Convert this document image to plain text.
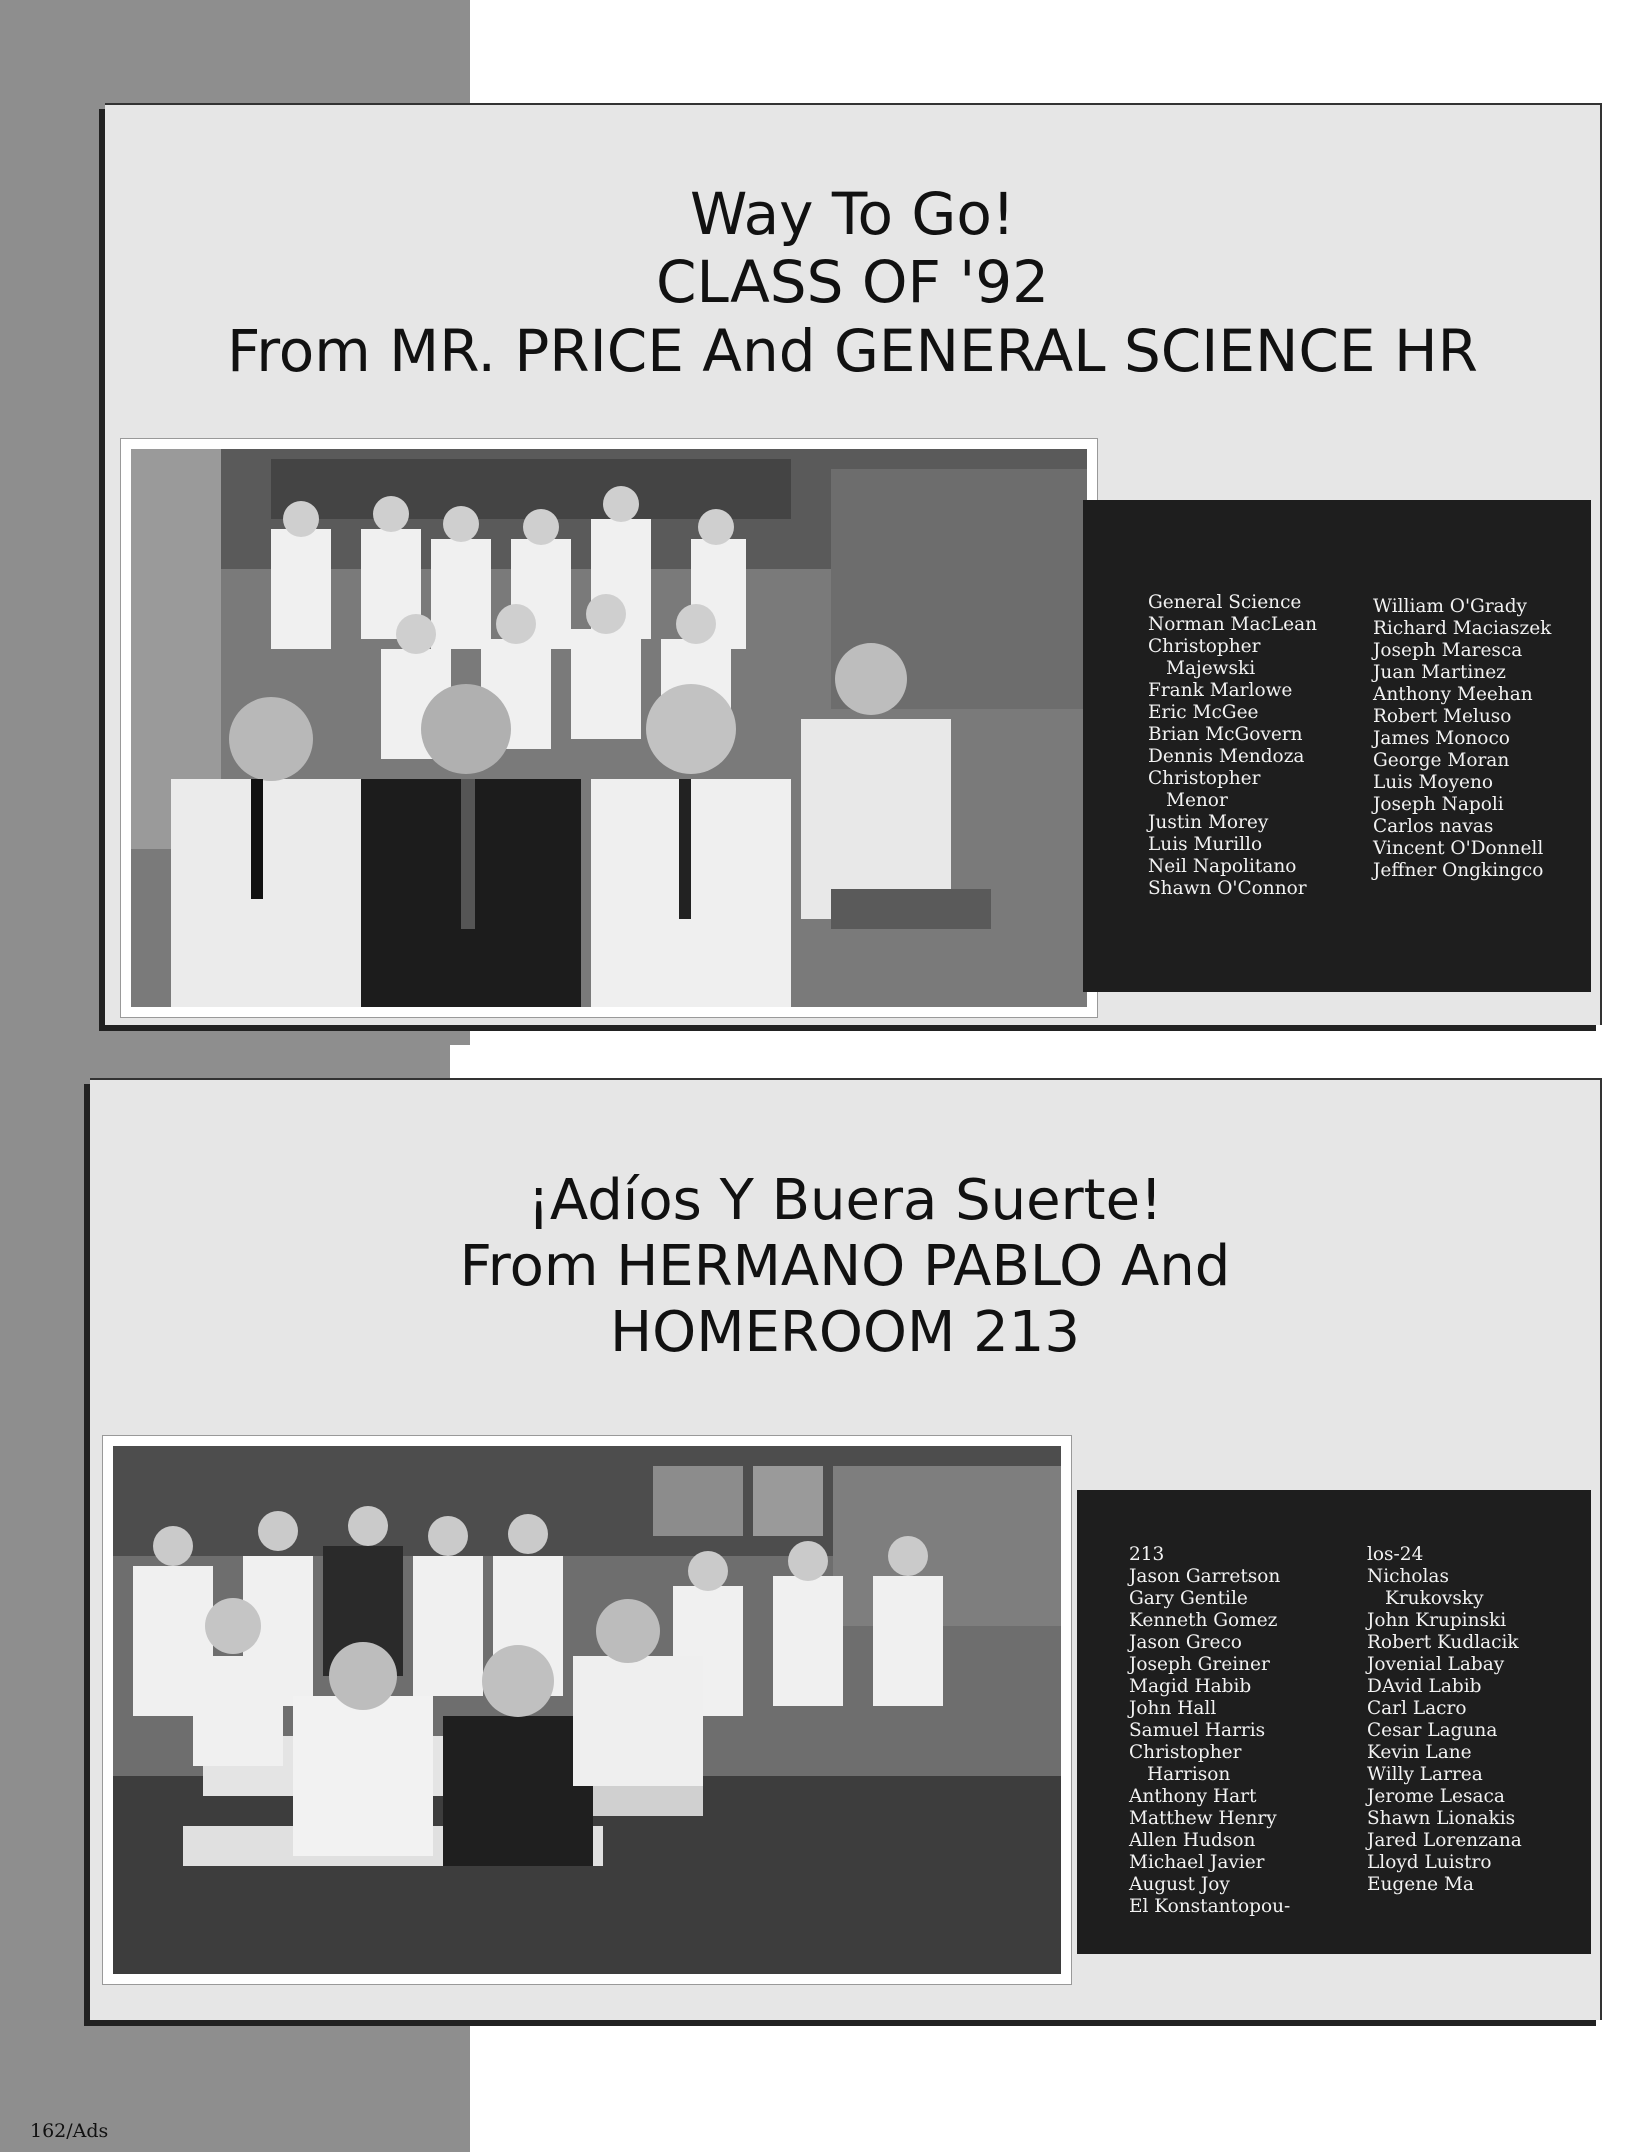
Way To Go!
CLASS OF '92
From MR. PRICE And GENERAL SCIENCE HR
General Science
Norman MacLean
Christopher
Majewski
Frank Marlowe
Eric McGee
Brian McGovern
Dennis Mendoza
Christopher
Menor
Justin Morey
Luis Murillo
Neil Napolitano
Shawn O'Connor
William O'Grady
Richard Maciaszek
Joseph Maresca
Juan Martinez
Anthony Meehan
Robert Meluso
James Monoco
George Moran
Luis Moyeno
Joseph Napoli
Carlos navas
Vincent O'Donnell
Jeffner Ongkingco
¡Adíos Y Buera Suerte!
From HERMANO PABLO And
HOMEROOM 213
213
Jason Garretson
Gary Gentile
Kenneth Gomez
Jason Greco
Joseph Greiner
Magid Habib
John Hall
Samuel Harris
Christopher
Harrison
Anthony Hart
Matthew Henry
Allen Hudson
Michael Javier
August Joy
El Konstantopou-
los-24
Nicholas
Krukovsky
John Krupinski
Robert Kudlacik
Jovenial Labay
DAvid Labib
Carl Lacro
Cesar Laguna
Kevin Lane
Willy Larrea
Jerome Lesaca
Shawn Lionakis
Jared Lorenzana
Lloyd Luistro
Eugene Ma
162/Ads
